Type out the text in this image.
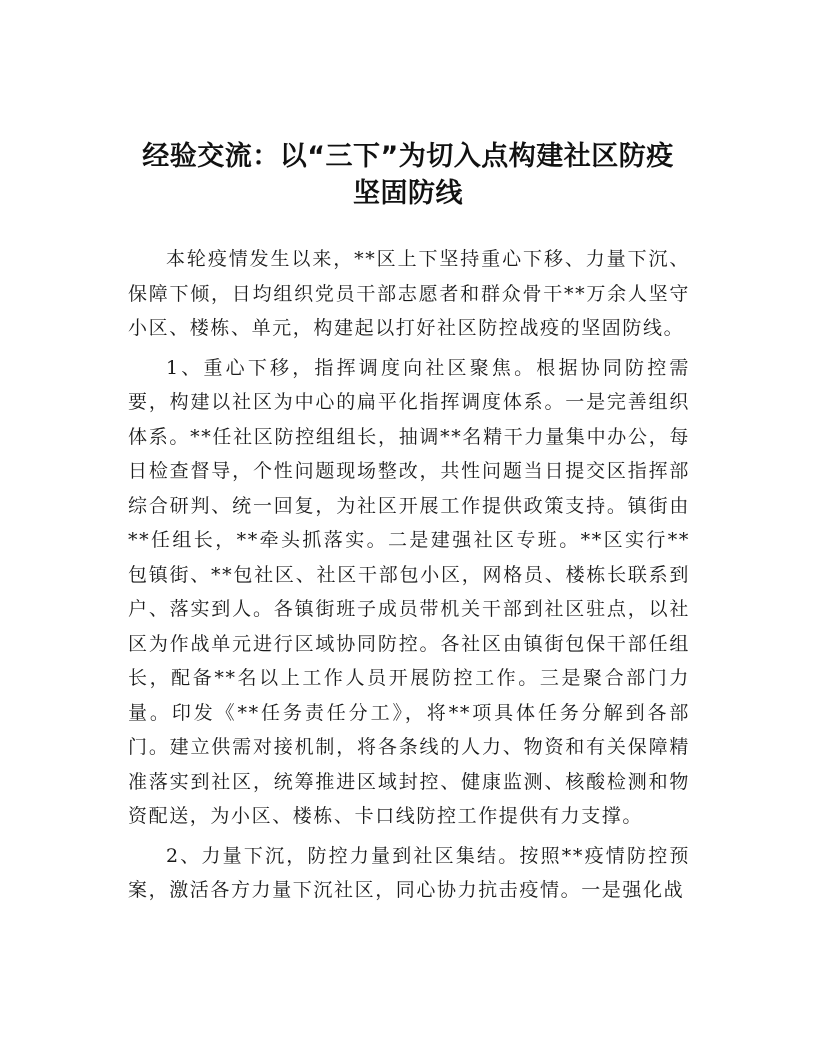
经验交流：以“三下”为切入点构建社区防疫
坚固防线

本轮疫情发生以来，**区上下坚持重心下移、力量下沉、保障下倾，日均组织党员干部志愿者和群众骨干**万余人坚守小区、楼栋、单元，构建起以打好社区防控战疫的坚固防线。

1、重心下移，指挥调度向社区聚焦。根据协同防控需要，构建以社区为中心的扁平化指挥调度体系。一是完善组织体系。**任社区防控组组长，抽调**名精干力量集中办公，每日检查督导，个性问题现场整改，共性问题当日提交区指挥部综合研判、统一回复，为社区开展工作提供政策支持。镇街由**任组长，**牵头抓落实。二是建强社区专班。**区实行**包镇街、**包社区、社区干部包小区，网格员、楼栋长联系到户、落实到人。各镇街班子成员带机关干部到社区驻点，以社区为作战单元进行区域协同防控。各社区由镇街包保干部任组长，配备**名以上工作人员开展防控工作。三是聚合部门力量。印发《**任务责任分工》，将**项具体任务分解到各部门。建立供需对接机制，将各条线的人力、物资和有关保障精准落实到社区，统筹推进区域封控、健康监测、核酸检测和物资配送，为小区、楼栋、卡口线防控工作提供有力支撑。

2、力量下沉，防控力量到社区集结。按照**疫情防控预案，激活各方力量下沉社区，同心协力抗击疫情。一是强化战
